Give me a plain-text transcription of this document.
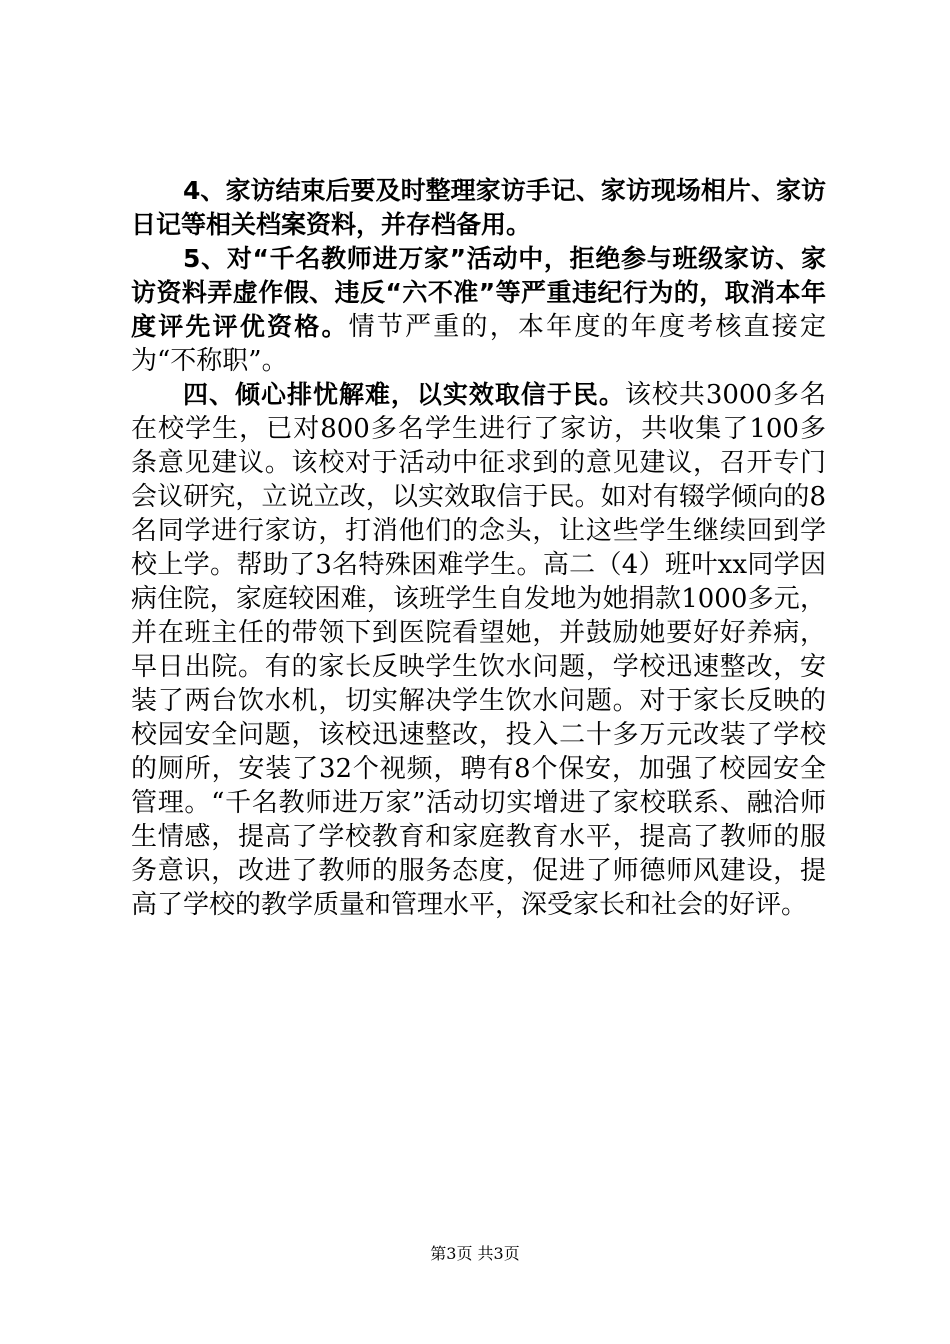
4、家访结束后要及时整理家访手记、家访现场相片、家访日记等相关档案资料，并存档备用。

5、对“千名教师进万家”活动中，拒绝参与班级家访、家访资料弄虚作假、违反“六不准”等严重违纪行为的，取消本年度评先评优资格。情节严重的，本年度的年度考核直接定为“不称职”。

四、倾心排忧解难，以实效取信于民。该校共3000多名在校学生，已对800多名学生进行了家访，共收集了100多条意见建议。该校对于活动中征求到的意见建议，召开专门会议研究，立说立改，以实效取信于民。如对有辍学倾向的8名同学进行家访，打消他们的念头，让这些学生继续回到学校上学。帮助了3名特殊困难学生。高二（4）班叶xx同学因病住院，家庭较困难，该班学生自发地为她捐款1000多元，并在班主任的带领下到医院看望她，并鼓励她要好好养病，早日出院。有的家长反映学生饮水问题，学校迅速整改，安装了两台饮水机，切实解决学生饮水问题。对于家长反映的校园安全问题，该校迅速整改，投入二十多万元改装了学校的厕所，安装了32个视频，聘有8个保安，加强了校园安全管理。“千名教师进万家”活动切实增进了家校联系、融洽师生情感，提高了学校教育和家庭教育水平，提高了教师的服务意识，改进了教师的服务态度，促进了师德师风建设，提高了学校的教学质量和管理水平，深受家长和社会的好评。

第3页 共3页
